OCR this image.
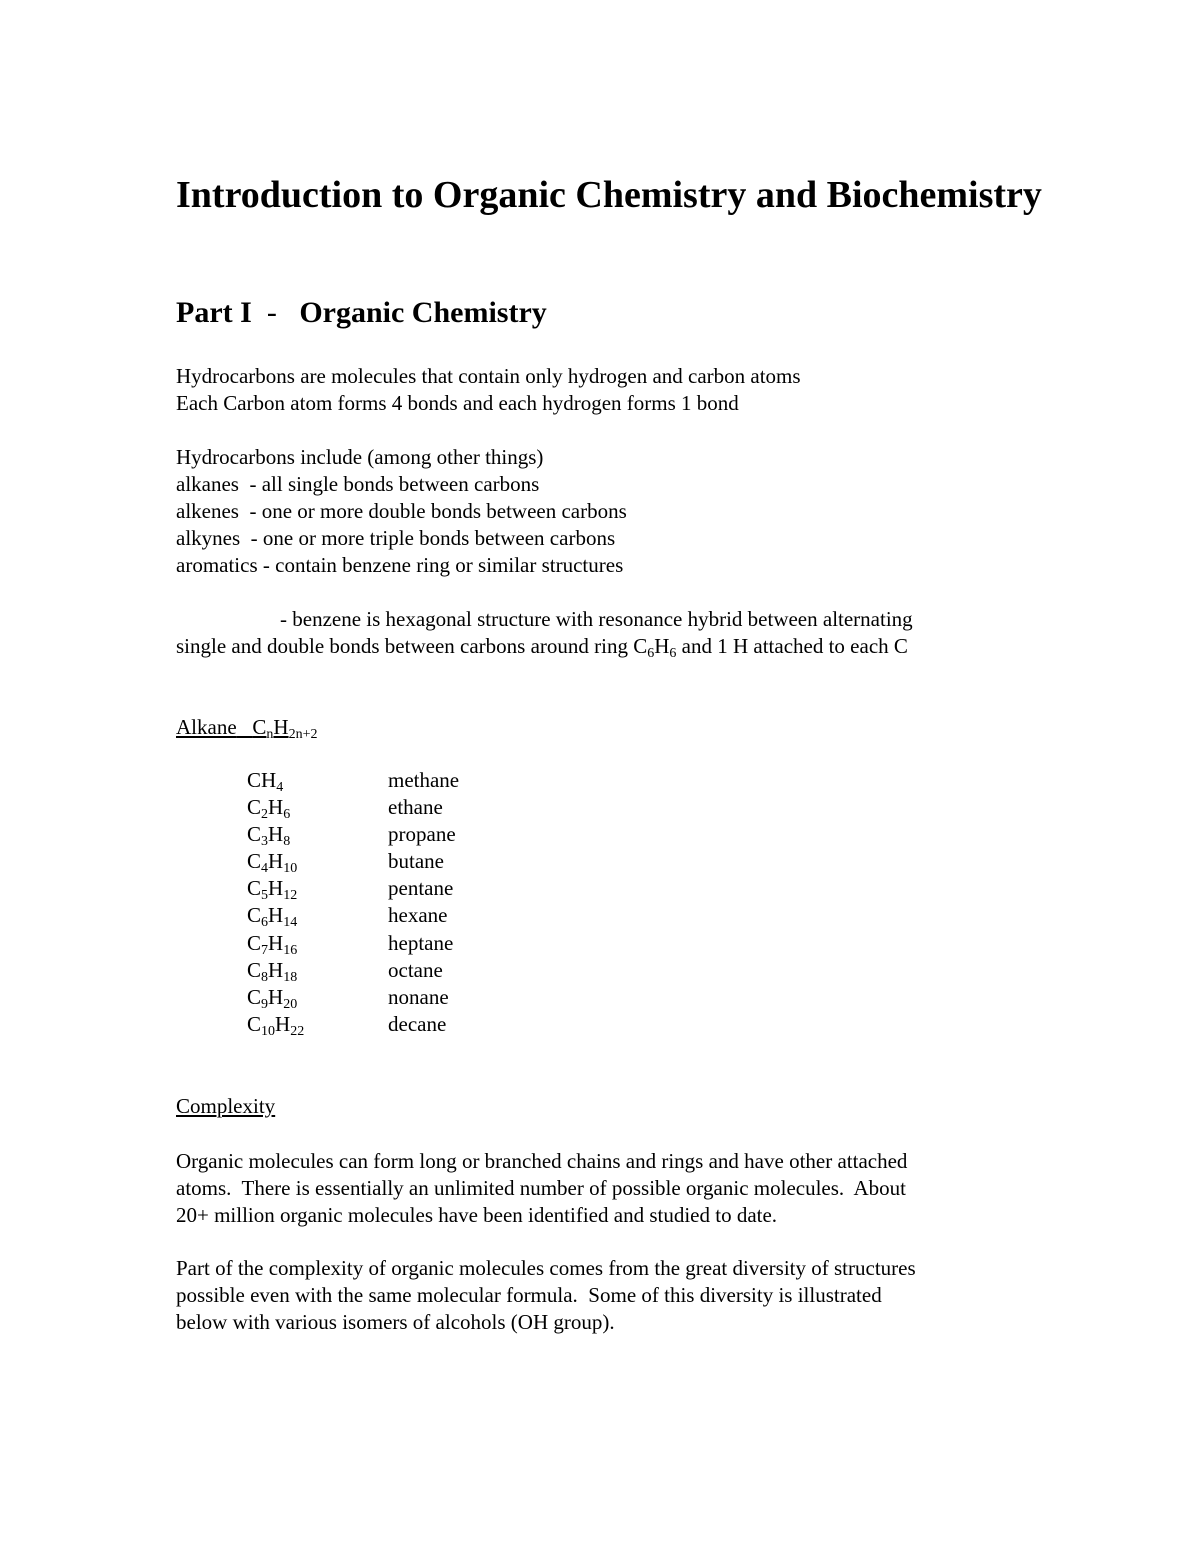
Introduction to Organic Chemistry and Biochemistry
Part I - Organic Chemistry
Hydrocarbons are molecules that contain only hydrogen and carbon atoms
Each Carbon atom forms 4 bonds and each hydrogen forms 1 bond
Hydrocarbons include (among other things)
alkanes  - all single bonds between carbons
alkenes  - one or more double bonds between carbons
alkynes  - one or more triple bonds between carbons
aromatics - contain benzene ring or similar structures
- benzene is hexagonal structure with resonance hybrid between alternating
single and double bonds between carbons around ring $C_6H_6$ and 1 H attached to each C
Alkane $C_nH_{2n+2}$
$CH_4$	methane
$C_2H_6$	ethane
$C_3H_8$	propane
$C_4H_{10}$	butane
$C_5H_{12}$	pentane
$C_6H_{14}$	hexane
$C_7H_{16}$	heptane
$C_8H_{18}$	octane
$C_9H_{20}$	nonane
$C_{10}H_{22}$	decane
Complexity
Organic molecules can form long or branched chains and rings and have other attached
atoms.  There is essentially an unlimited number of possible organic molecules.  About
20+ million organic molecules have been identified and studied to date.
Part of the complexity of organic molecules comes from the great diversity of structures
possible even with the same molecular formula.  Some of this diversity is illustrated
below with various isomers of alcohols (OH group).
